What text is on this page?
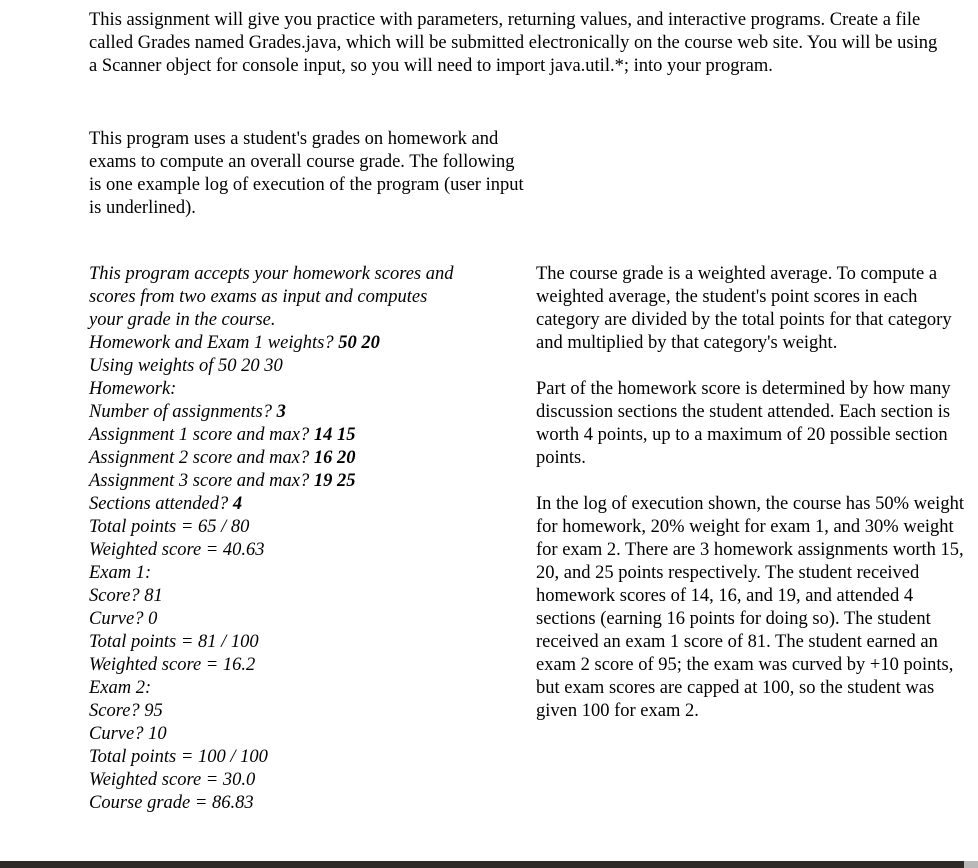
This assignment will give you practice with parameters, returning values, and interactive programs. Create a file called Grades named Grades.java, which will be submitted electronically on the course web site. You will be using a Scanner object for console input, so you will need to import java.util.*; into your program.

This program uses a student's grades on homework and exams to compute an overall course grade. The following is one example log of execution of the program (user input is underlined).

This program accepts your homework scores and
scores from two exams as input and computes
your grade in the course.
Homework and Exam 1 weights? 50 20
Using weights of 50 20 30
Homework:
Number of assignments? 3
Assignment 1 score and max? 14 15
Assignment 2 score and max? 16 20
Assignment 3 score and max? 19 25
Sections attended? 4
Total points = 65 / 80
Weighted score = 40.63
Exam 1:
Score? 81
Curve? 0
Total points = 81 / 100
Weighted score = 16.2
Exam 2:
Score? 95
Curve? 10
Total points = 100 / 100
Weighted score = 30.0
Course grade = 86.83

The course grade is a weighted average. To compute a weighted average, the student's point scores in each category are divided by the total points for that category and multiplied by that category's weight.

Part of the homework score is determined by how many discussion sections the student attended. Each section is worth 4 points, up to a maximum of 20 possible section points.

In the log of execution shown, the course has 50% weight for homework, 20% weight for exam 1, and 30% weight for exam 2. There are 3 homework assignments worth 15, 20, and 25 points respectively. The student received homework scores of 14, 16, and 19, and attended 4 sections (earning 16 points for doing so). The student received an exam 1 score of 81. The student earned an exam 2 score of 95; the exam was curved by +10 points, but exam scores are capped at 100, so the student was given 100 for exam 2.
